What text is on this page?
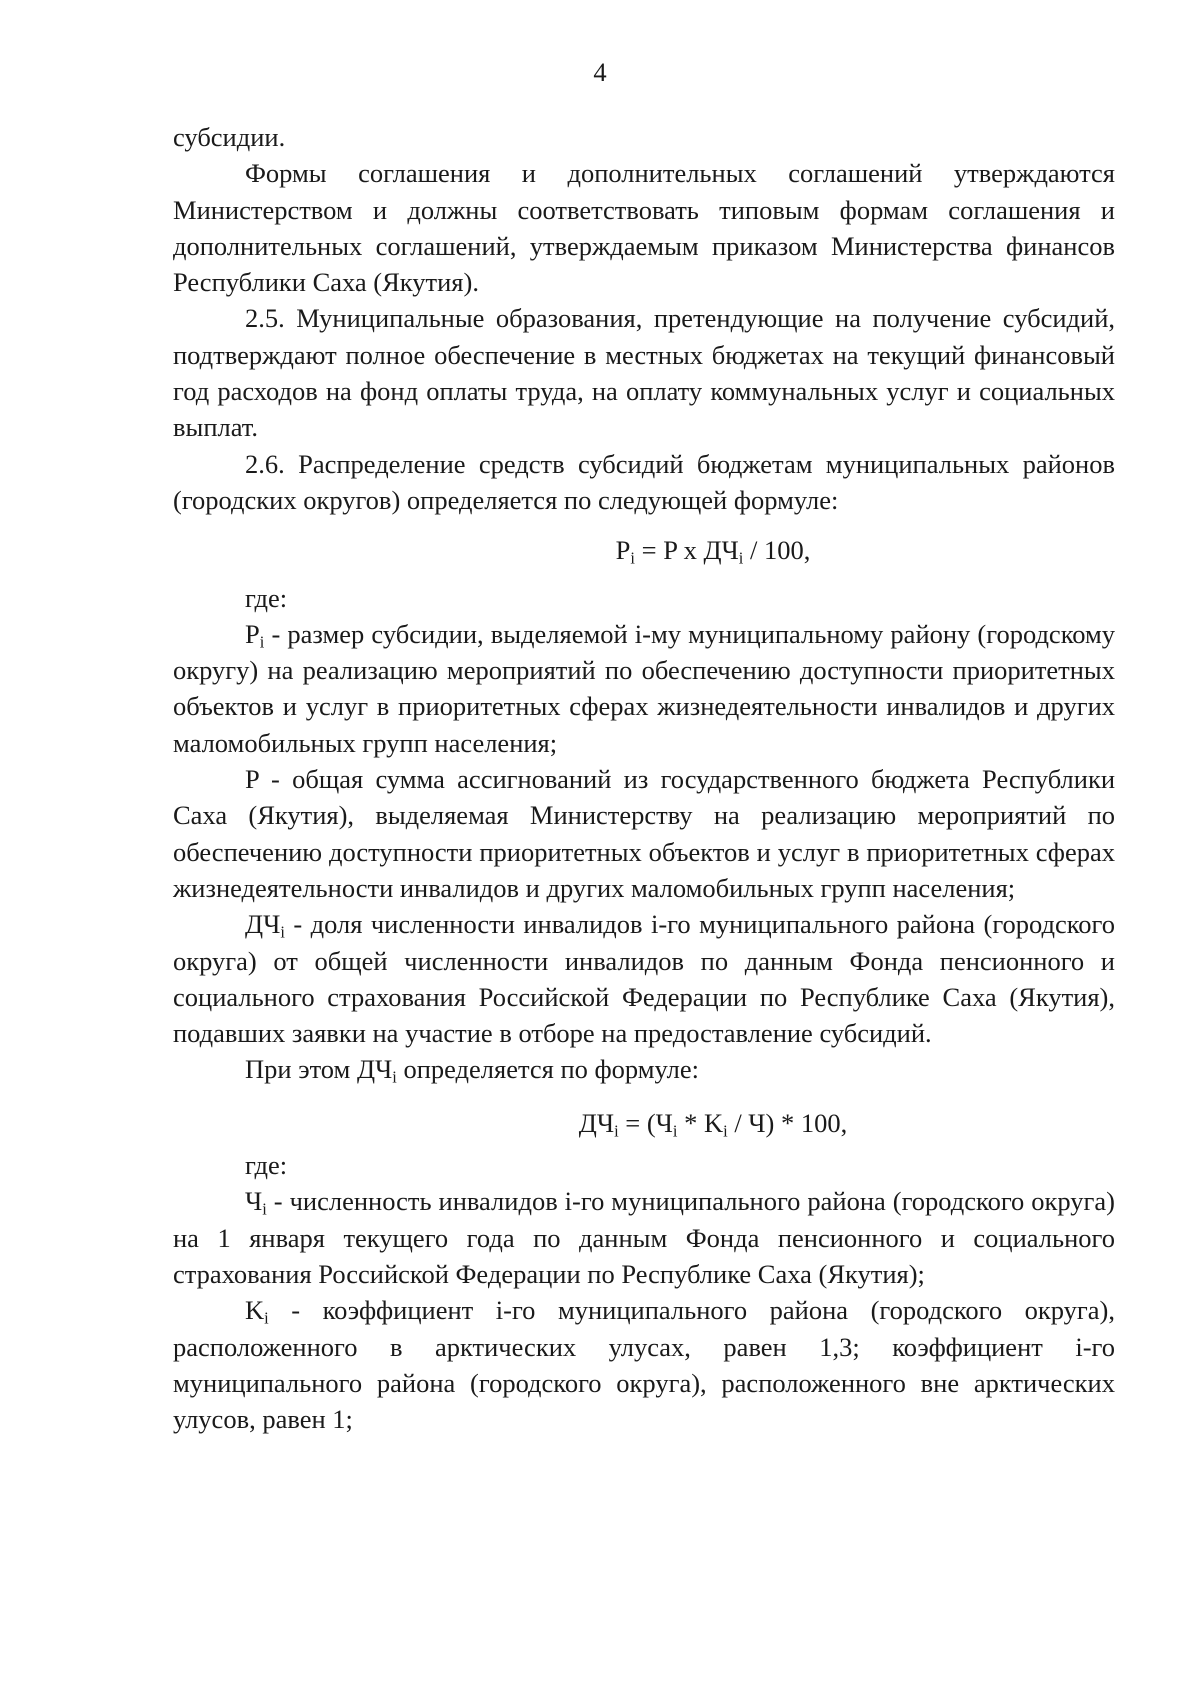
4

субсидии.

Формы соглашения и дополнительных соглашений утверждаются Министерством и должны соответствовать типовым формам соглашения и дополнительных соглашений, утверждаемым приказом Министерства финансов Республики Саха (Якутия).

2.5. Муниципальные образования, претендующие на получение субсидий, подтверждают полное обеспечение в местных бюджетах на текущий финансовый год расходов на фонд оплаты труда, на оплату коммунальных услуг и социальных выплат.

2.6. Распределение средств субсидий бюджетам муниципальных районов (городских округов) определяется по следующей формуле:

$P_i = P$ x $ДЧ_i / 100$,

где:

$P_i$ - размер субсидии, выделяемой i-му муниципальному району (городскому округу) на реализацию мероприятий по обеспечению доступности приоритетных объектов и услуг в приоритетных сферах жизнедеятельности инвалидов и других маломобильных групп населения;

P - общая сумма ассигнований из государственного бюджета Республики Саха (Якутия), выделяемая Министерству на реализацию мероприятий по обеспечению доступности приоритетных объектов и услуг в приоритетных сферах жизнедеятельности инвалидов и других маломобильных групп населения;

$ДЧ_i$ - доля численности инвалидов i-го муниципального района (городского округа) от общей численности инвалидов по данным Фонда пенсионного и социального страхования Российской Федерации по Республике Саха (Якутия), подавших заявки на участие в отборе на предоставление субсидий.

При этом $ДЧ_i$ определяется по формуле:

$ДЧ_i = (Ч_i * K_i / Ч) * 100$,

где:

$Ч_i$ - численность инвалидов i-го муниципального района (городского округа) на 1 января текущего года по данным Фонда пенсионного и социального страхования Российской Федерации по Республике Саха (Якутия);

$K_i$ - коэффициент i-го муниципального района (городского округа), расположенного в арктических улусах, равен 1,3; коэффициент i-го муниципального района (городского округа), расположенного вне арктических улусов, равен 1;
